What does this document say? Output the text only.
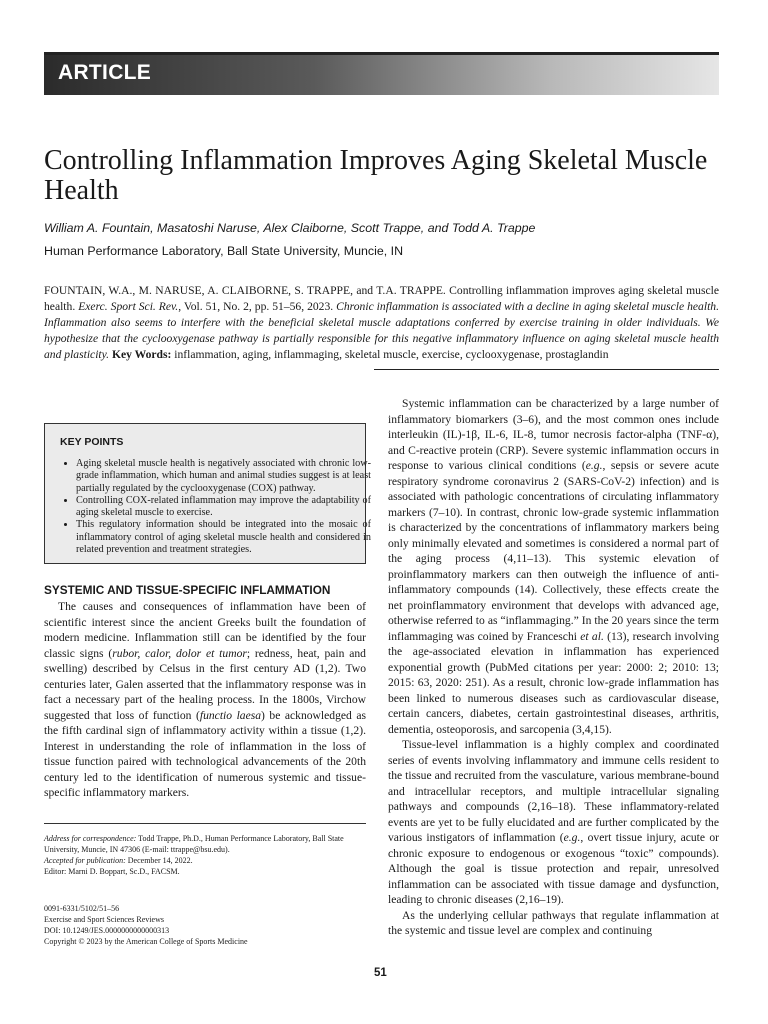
ARTICLE
Controlling Inflammation Improves Aging Skeletal Muscle Health
William A. Fountain, Masatoshi Naruse, Alex Claiborne, Scott Trappe, and Todd A. Trappe
Human Performance Laboratory, Ball State University, Muncie, IN
FOUNTAIN, W.A., M. NARUSE, A. CLAIBORNE, S. TRAPPE, and T.A. TRAPPE. Controlling inflammation improves aging skeletal muscle health. Exerc. Sport Sci. Rev., Vol. 51, No. 2, pp. 51–56, 2023. Chronic inflammation is associated with a decline in aging skeletal muscle health. Inflammation also seems to interfere with the beneficial skeletal muscle adaptations conferred by exercise training in older individuals. We hypothesize that the cyclooxygenase pathway is partially responsible for this negative inflammatory influence on aging skeletal muscle health and plasticity. Key Words: inflammation, aging, inflammaging, skeletal muscle, exercise, cyclooxygenase, prostaglandin
KEY POINTS
• Aging skeletal muscle health is negatively associated with chronic low-grade inflammation, which human and animal studies suggest is at least partially regulated by the cyclooxygenase (COX) pathway.
• Controlling COX-related inflammation may improve the adaptability of aging skeletal muscle to exercise.
• This regulatory information should be integrated into the mosaic of inflammatory control of aging skeletal muscle health and considered in related prevention and treatment strategies.
SYSTEMIC AND TISSUE-SPECIFIC INFLAMMATION

The causes and consequences of inflammation have been of scientific interest since the ancient Greeks built the foundation of modern medicine. Inflammation still can be identified by the four classic signs (rubor, calor, dolor et tumor; redness, heat, pain and swelling) described by Celsus in the first century AD (1,2). Two centuries later, Galen asserted that the inflammatory response was in fact a necessary part of the healing process. In the 1800s, Virchow suggested that loss of function (functio laesa) be acknowledged as the fifth cardinal sign of inflammatory activity within a tissue (1,2). Interest in understanding the role of inflammation in the loss of tissue function paired with technological advancements of the 20th century led to the identification of numerous systemic and tissue-specific inflammatory markers.

Systemic inflammation can be characterized by a large number of inflammatory biomarkers (3–6), and the most common ones include interleukin (IL)-1β, IL-6, IL-8, tumor necrosis factor-alpha (TNF-α), and C-reactive protein (CRP). Severe systemic inflammation occurs in response to various clinical conditions (e.g., sepsis or severe acute respiratory syndrome coronavirus 2 (SARS-CoV-2) infection) and is associated with pathologic concentrations of circulating inflammatory markers (7–10). In contrast, chronic low-grade systemic inflammation is characterized by the concentrations of inflammatory markers being only minimally elevated and sometimes is considered a normal part of the aging process (4,11–13). This systemic elevation of proinflammatory markers can then outweigh the influence of anti-inflammatory compounds (14). Collectively, these effects create the net proinflammatory environment that develops with advanced age, otherwise referred to as “inflammaging.” In the 20 years since the term inflammaging was coined by Franceschi et al. (13), research involving the age-associated elevation in inflammation has experienced exponential growth (PubMed citations per year: 2000: 2; 2010: 13; 2015: 63, 2020: 251). As a result, chronic low-grade inflammation has been linked to numerous diseases such as cardiovascular disease, certain cancers, diabetes, certain gastrointestinal diseases, arthritis, dementia, osteoporosis, and sarcopenia (3,4,15).

Tissue-level inflammation is a highly complex and coordinated series of events involving inflammatory and immune cells resident to the tissue and recruited from the vasculature, various membrane-bound and intracellular receptors, and multiple intracellular signaling pathways and compounds (2,16–18). These inflammatory-related events are yet to be fully elucidated and are further complicated by the various instigators of inflammation (e.g., overt tissue injury, acute or chronic exposure to endogenous or exogenous “toxic” compounds). Although the goal is tissue protection and repair, unresolved inflammation can be associated with tissue damage and dysfunction, leading to chronic diseases (2,16–19).

As the underlying cellular pathways that regulate inflammation at the systemic and tissue level are complex and continuing

Address for correspondence: Todd Trappe, Ph.D., Human Performance Laboratory, Ball State University, Muncie, IN 47306 (E-mail: ttrappe@bsu.edu).
Accepted for publication: December 14, 2022.
Editor: Marni D. Boppart, Sc.D., FACSM.
0091-6331/5102/51–56
Exercise and Sport Sciences Reviews
DOI: 10.1249/JES.0000000000000313
Copyright © 2023 by the American College of Sports Medicine
51
